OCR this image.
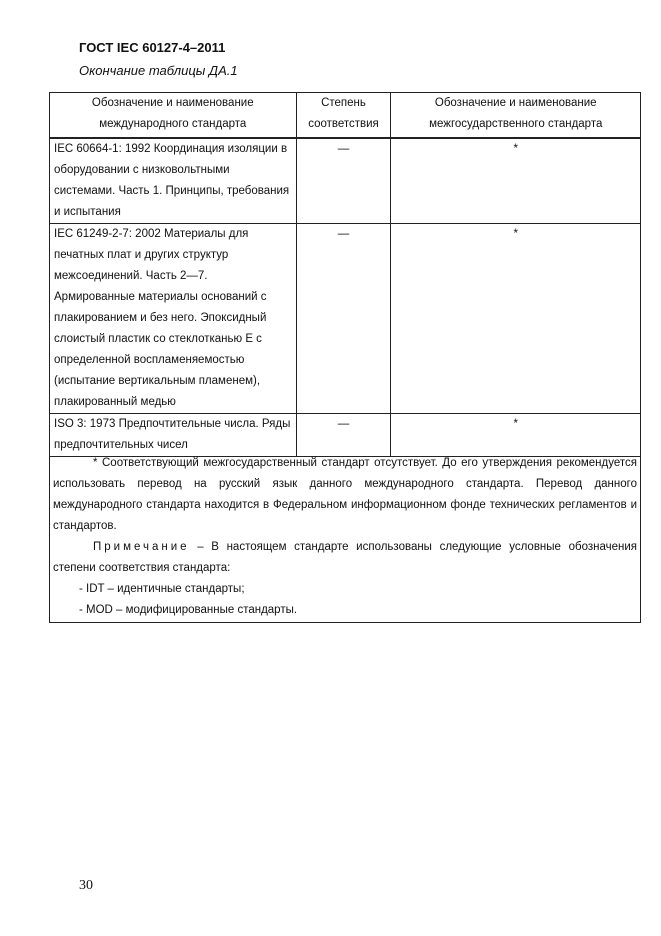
ГОСТ IEC 60127-4–2011
Окончание таблицы ДА.1
Обозначение и наименование международного стандарта	Степень соответствия	Обозначение и наименование межгосударственного стандарта
IEC 60664-1: 1992 Координация изоляции в оборудовании с низковольтными системами. Часть 1. Принципы, требования и испытания	—	*
IEC 61249-2-7: 2002 Материалы для печатных плат и других структур межсоединений. Часть 2—7. Армированные материалы оснований с плакированием и без него. Эпоксидный слоистый пластик со стеклотканью Е с определенной воспламеняемостью (испытание вертикальным пламенем), плакированный медью	—	*
ISO 3: 1973 Предпочтительные числа. Ряды предпочтительных чисел	—	*

* Соответствующий межгосударственный стандарт отсутствует. До его утверждения рекомендуется использовать перевод на русский язык данного международного стандарта. Перевод данного международного стандарта находится в Федеральном информационном фонде технических регламентов и стандартов.

Примечание – В настоящем стандарте использованы следующие условные обозначения степени соответствия стандарта:

- IDT – идентичные стандарты;

- MOD – модифицированные стандарты.

30
